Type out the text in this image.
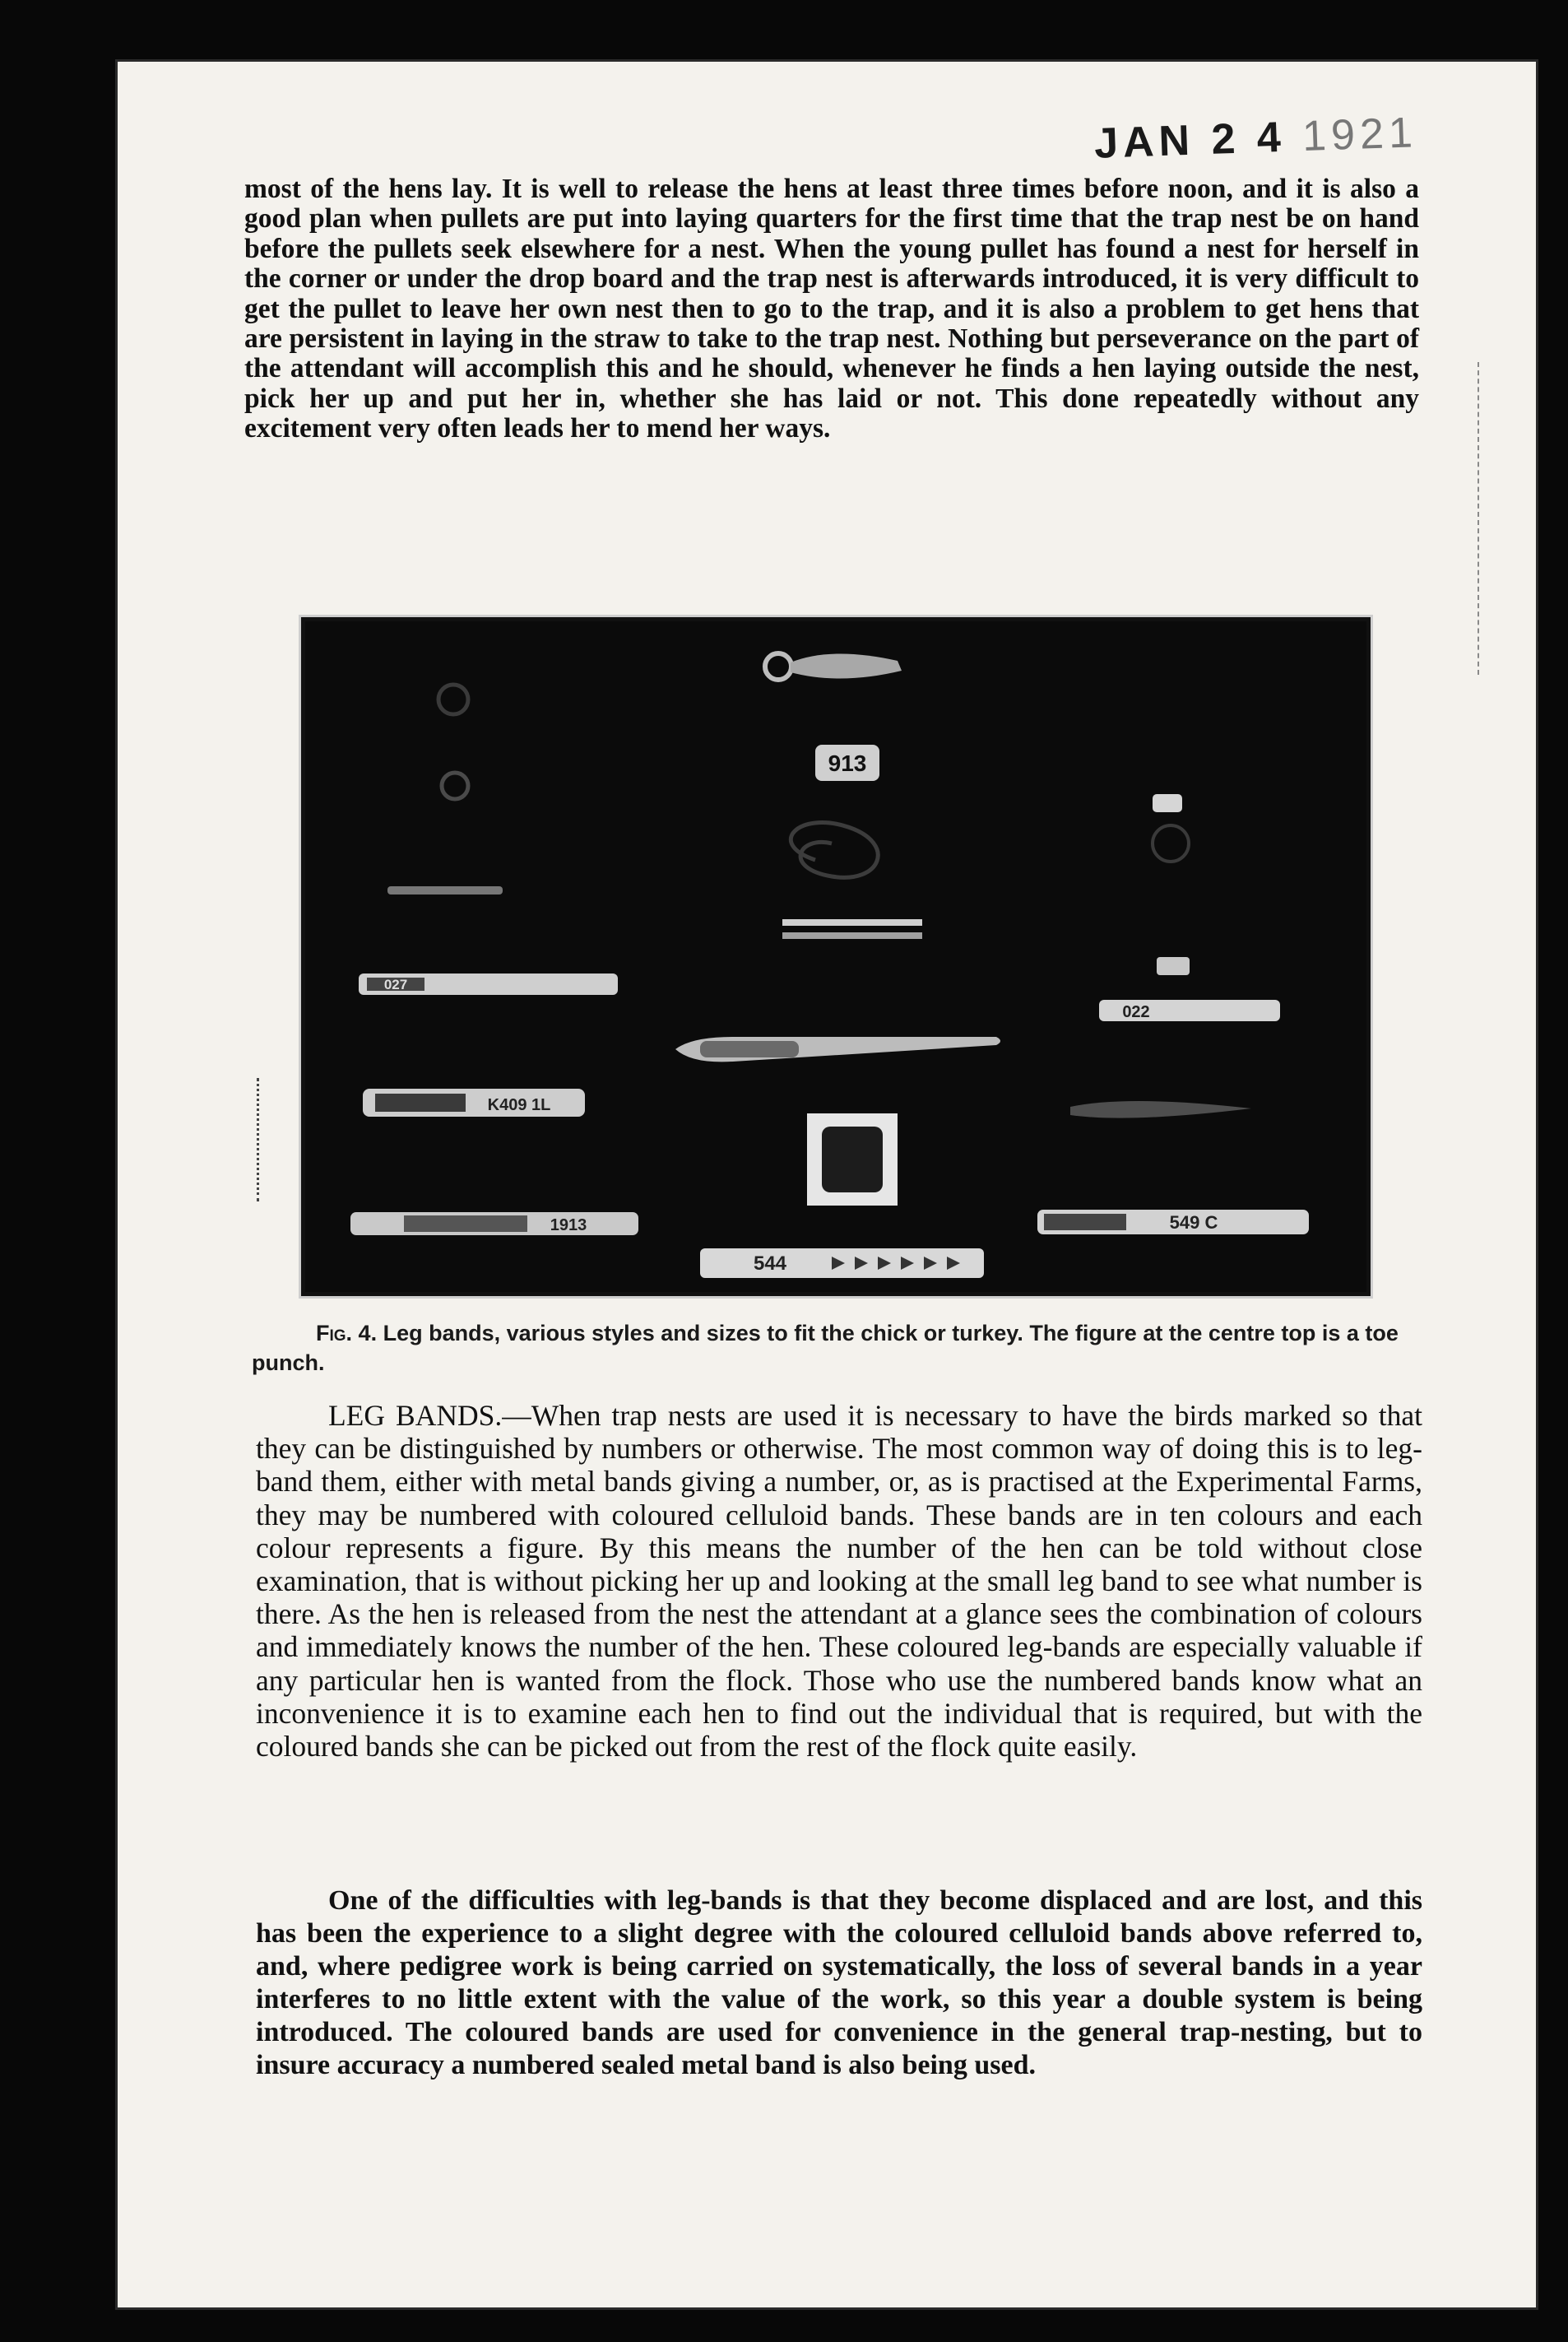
JAN 2 4 1921

most of the hens lay. It is well to release the hens at least three times before noon, and it is also a good plan when pullets are put into laying quarters for the first time that the trap nest be on hand before the pullets seek elsewhere for a nest. When the young pullet has found a nest for herself in the corner or under the drop board and the trap nest is afterwards introduced, it is very difficult to get the pullet to leave her own nest then to go to the trap, and it is also a problem to get hens that are persistent in laying in the straw to take to the trap nest. Nothing but perseverance on the part of the attendant will accomplish this and he should, whenever he finds a hen laying outside the nest, pick her up and put her in, whether she has laid or not. This done repeatedly without any excitement very often leads her to mend her ways.

913
027
022
K409 1L
1913	549 C
544

Fig. 4. Leg bands, various styles and sizes to fit the chick or turkey. The figure at the centre top is a toe punch.

LEG BANDS.—When trap nests are used it is necessary to have the birds marked so that they can be distinguished by numbers or otherwise. The most common way of doing this is to leg-band them, either with metal bands giving a number, or, as is practised at the Experimental Farms, they may be numbered with coloured celluloid bands. These bands are in ten colours and each colour represents a figure. By this means the number of the hen can be told without close examination, that is without picking her up and looking at the small leg band to see what number is there. As the hen is released from the nest the attendant at a glance sees the combination of colours and immediately knows the number of the hen. These coloured leg-bands are especially valuable if any particular hen is wanted from the flock. Those who use the numbered bands know what an inconvenience it is to examine each hen to find out the individual that is required, but with the coloured bands she can be picked out from the rest of the flock quite easily.

One of the difficulties with leg-bands is that they become displaced and are lost, and this has been the experience to a slight degree with the coloured celluloid bands above referred to, and, where pedigree work is being carried on systematically, the loss of several bands in a year interferes to no little extent with the value of the work, so this year a double system is being introduced. The coloured bands are used for convenience in the general trap-nesting, but to insure accuracy a numbered sealed metal band is also being used.
